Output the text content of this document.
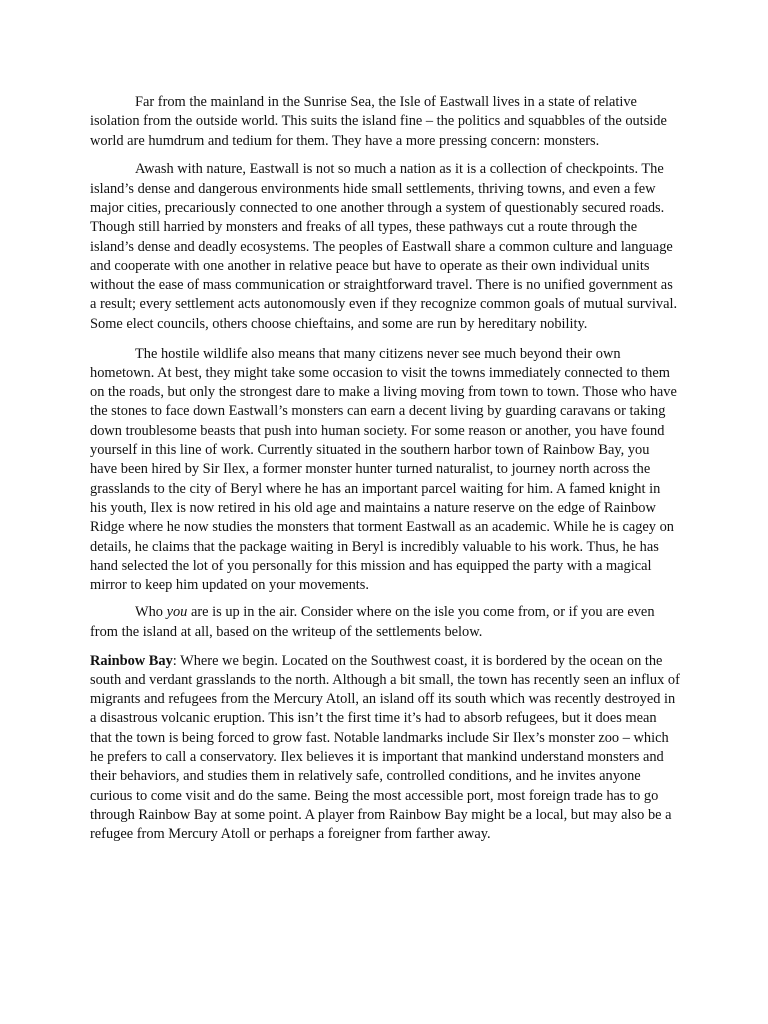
Far from the mainland in the Sunrise Sea, the Isle of Eastwall lives in a state of relative isolation from the outside world. This suits the island fine – the politics and squabbles of the outside world are humdrum and tedium for them. They have a more pressing concern: monsters.

Awash with nature, Eastwall is not so much a nation as it is a collection of checkpoints. The island’s dense and dangerous environments hide small settlements, thriving towns, and even a few major cities, precariously connected to one another through a system of questionably secured roads. Though still harried by monsters and freaks of all types, these pathways cut a route through the island’s dense and deadly ecosystems. The peoples of Eastwall share a common culture and language and cooperate with one another in relative peace but have to operate as their own individual units without the ease of mass communication or straightforward travel. There is no unified government as a result; every settlement acts autonomously even if they recognize common goals of mutual survival. Some elect councils, others choose chieftains, and some are run by hereditary nobility.

The hostile wildlife also means that many citizens never see much beyond their own hometown. At best, they might take some occasion to visit the towns immediately connected to them on the roads, but only the strongest dare to make a living moving from town to town. Those who have the stones to face down Eastwall’s monsters can earn a decent living by guarding caravans or taking down troublesome beasts that push into human society. For some reason or another, you have found yourself in this line of work. Currently situated in the southern harbor town of Rainbow Bay, you have been hired by Sir Ilex, a former monster hunter turned naturalist, to journey north across the grasslands to the city of Beryl where he has an important parcel waiting for him. A famed knight in his youth, Ilex is now retired in his old age and maintains a nature reserve on the edge of Rainbow Ridge where he now studies the monsters that torment Eastwall as an academic. While he is cagey on details, he claims that the package waiting in Beryl is incredibly valuable to his work. Thus, he has hand selected the lot of you personally for this mission and has equipped the party with a magical mirror to keep him updated on your movements.

Who you are is up in the air. Consider where on the isle you come from, or if you are even from the island at all, based on the writeup of the settlements below.

Rainbow Bay: Where we begin. Located on the Southwest coast, it is bordered by the ocean on the south and verdant grasslands to the north. Although a bit small, the town has recently seen an influx of migrants and refugees from the Mercury Atoll, an island off its south which was recently destroyed in a disastrous volcanic eruption. This isn’t the first time it’s had to absorb refugees, but it does mean that the town is being forced to grow fast. Notable landmarks include Sir Ilex’s monster zoo – which he prefers to call a conservatory. Ilex believes it is important that mankind understand monsters and their behaviors, and studies them in relatively safe, controlled conditions, and he invites anyone curious to come visit and do the same. Being the most accessible port, most foreign trade has to go through Rainbow Bay at some point. A player from Rainbow Bay might be a local, but may also be a refugee from Mercury Atoll or perhaps a foreigner from farther away.
